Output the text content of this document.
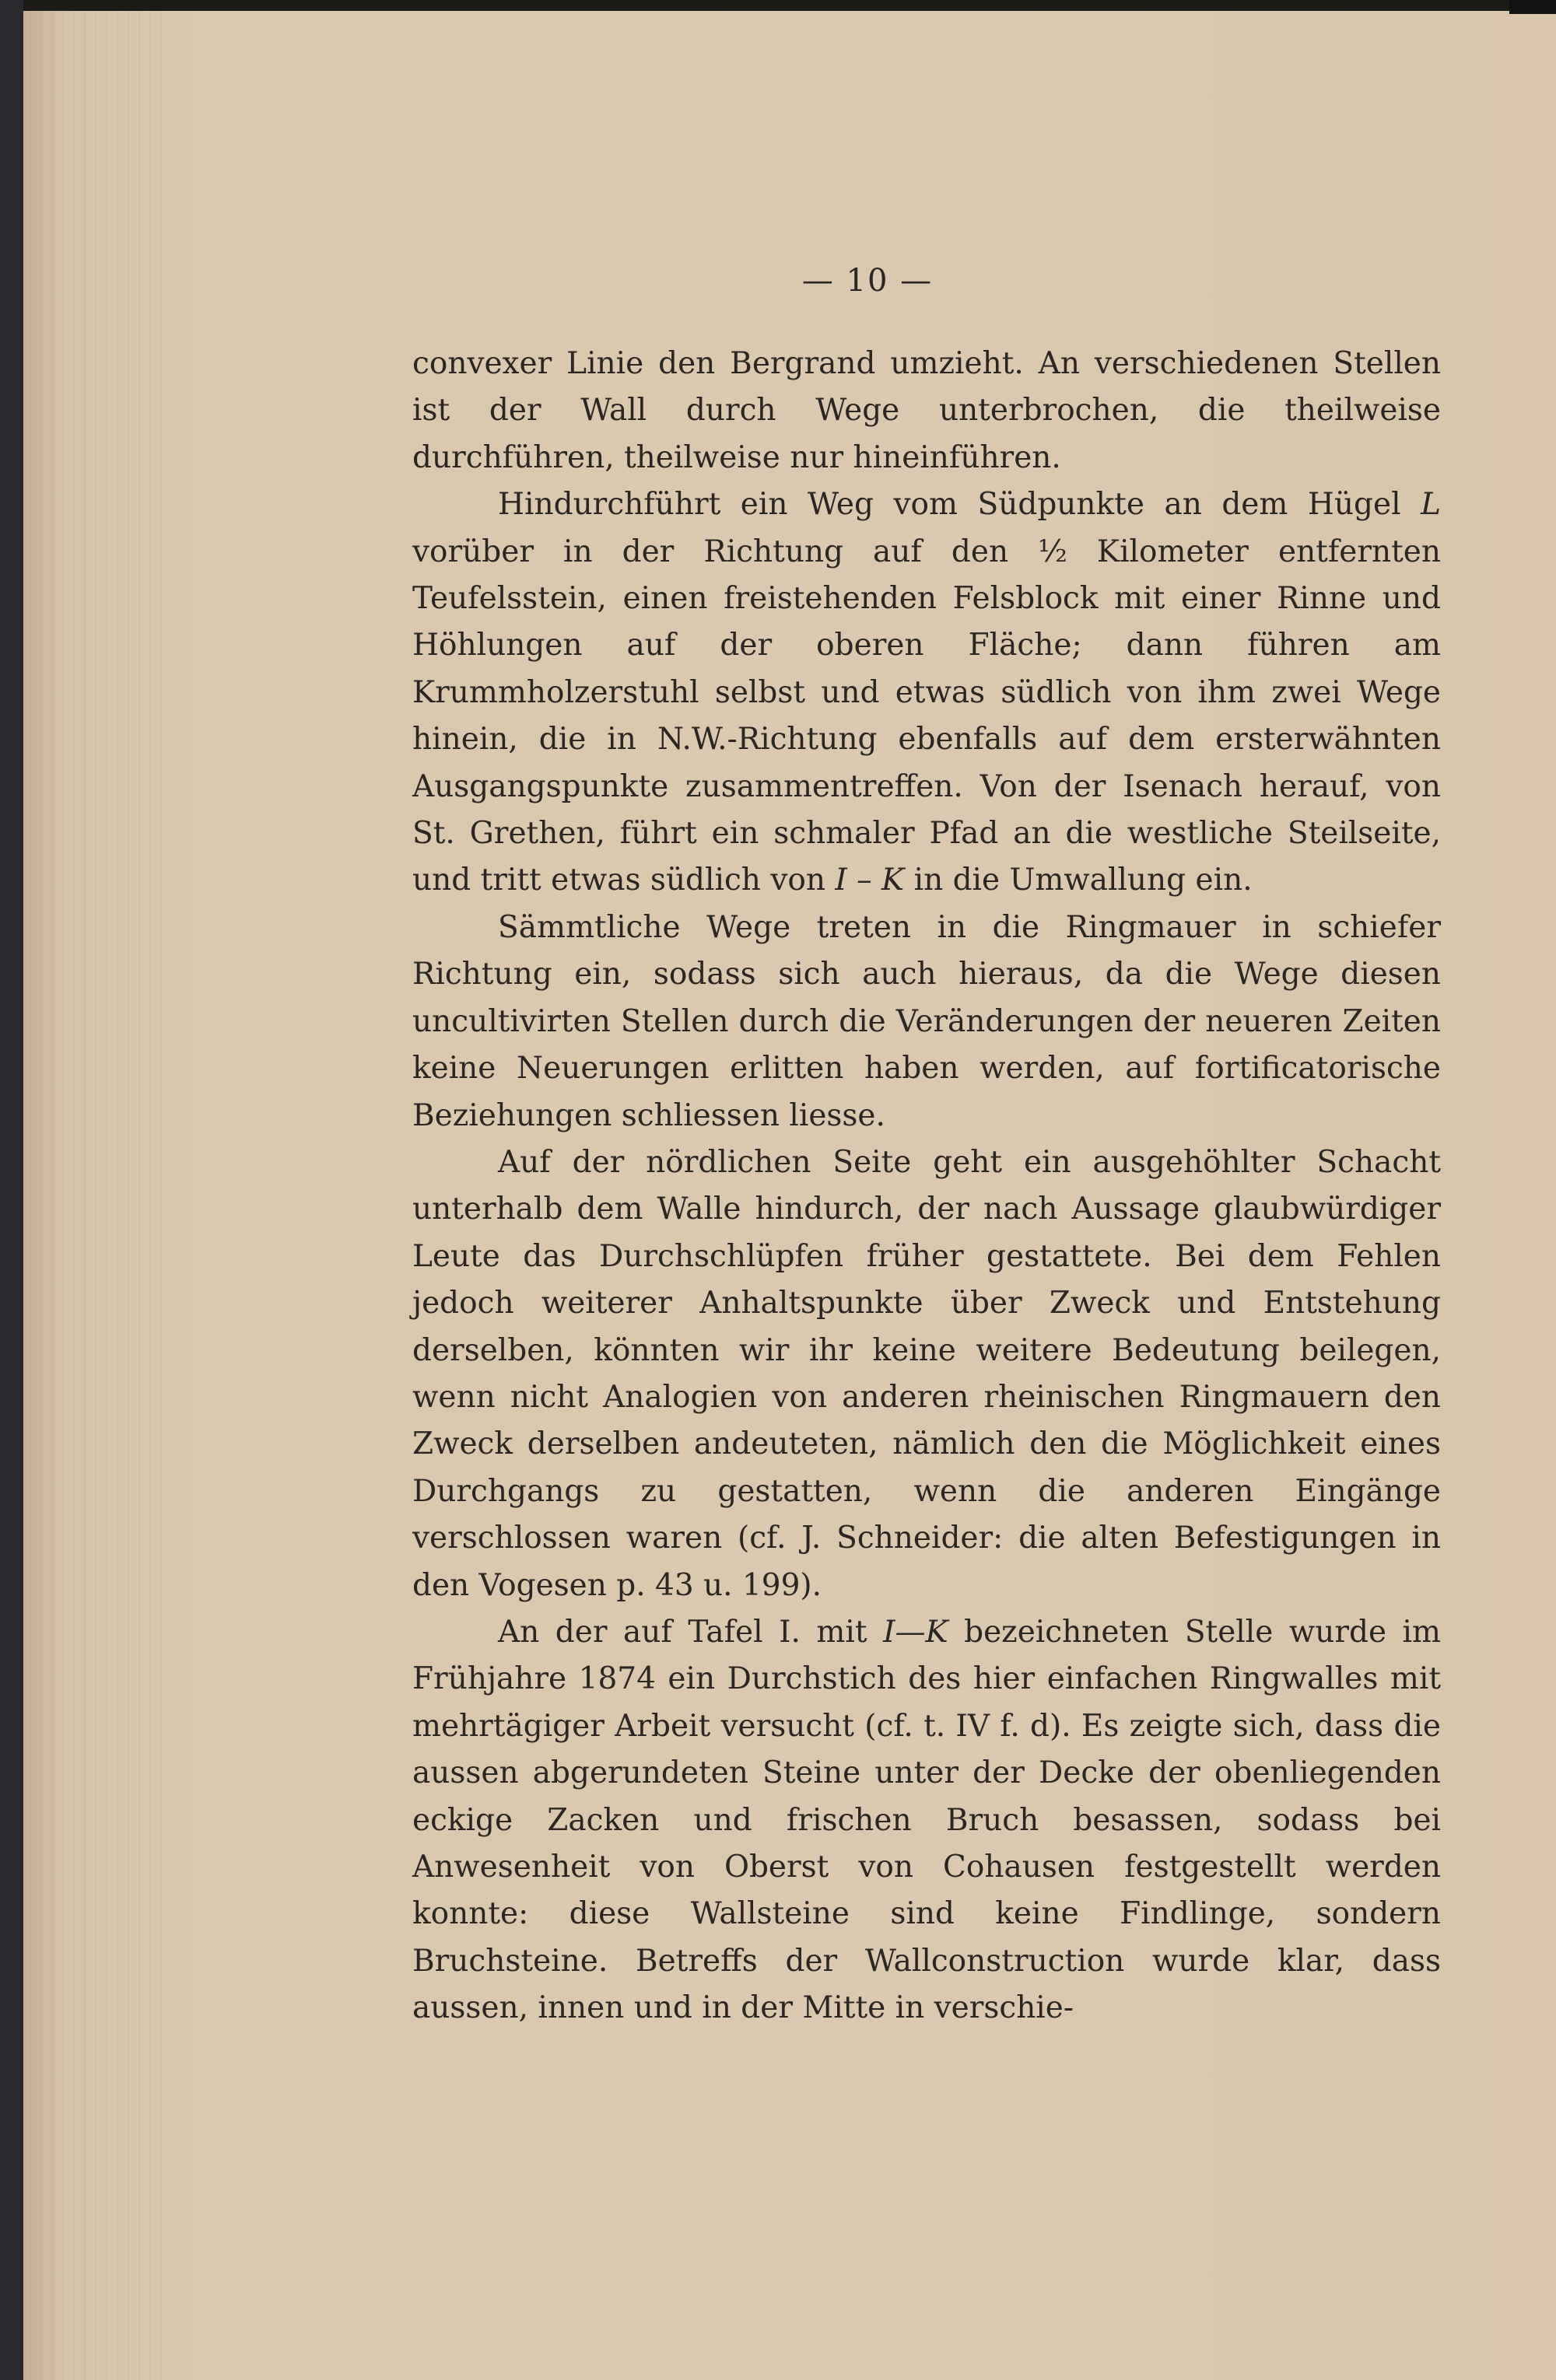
— 10 —

convexer Linie den Bergrand umzieht. An verschiedenen Stellen ist der Wall durch Wege unterbrochen, die theilweise durchführen, theilweise nur hineinführen.

Hindurchführt ein Weg vom Südpunkte an dem Hügel L vorüber in der Richtung auf den ½ Kilometer entfernten Teufelsstein, einen freistehenden Felsblock mit einer Rinne und Höhlungen auf der oberen Fläche; dann führen am Krummholzerstuhl selbst und etwas südlich von ihm zwei Wege hinein, die in N.W.-Richtung ebenfalls auf dem ersterwähnten Ausgangspunkte zusammentreffen. Von der Isenach herauf, von St. Grethen, führt ein schmaler Pfad an die westliche Steilseite, und tritt etwas südlich von I – K in die Umwallung ein.

Sämmtliche Wege treten in die Ringmauer in schiefer Richtung ein, sodass sich auch hieraus, da die Wege diesen uncultivirten Stellen durch die Veränderungen der neueren Zeiten keine Neuerungen erlitten haben werden, auf fortificatorische Beziehungen schliessen liesse.

Auf der nördlichen Seite geht ein ausgehöhlter Schacht unterhalb dem Walle hindurch, der nach Aussage glaubwürdiger Leute das Durchschlüpfen früher gestattete. Bei dem Fehlen jedoch weiterer Anhaltspunkte über Zweck und Entstehung derselben, könnten wir ihr keine weitere Bedeutung beilegen, wenn nicht Analogien von anderen rheinischen Ringmauern den Zweck derselben andeuteten, nämlich den die Möglichkeit eines Durchgangs zu gestatten, wenn die anderen Eingänge verschlossen waren (cf. J. Schneider: die alten Befestigungen in den Vogesen p. 43 u. 199).

An der auf Tafel I. mit I—K bezeichneten Stelle wurde im Frühjahre 1874 ein Durchstich des hier einfachen Ringwalles mit mehrtägiger Arbeit versucht (cf. t. IV f. d). Es zeigte sich, dass die aussen abgerundeten Steine unter der Decke der obenliegenden eckige Zacken und frischen Bruch besassen, sodass bei Anwesenheit von Oberst von Cohausen festgestellt werden konnte: diese Wallsteine sind keine Findlinge, sondern Bruchsteine. Betreffs der Wallconstruction wurde klar, dass aussen, innen und in der Mitte in verschie-
